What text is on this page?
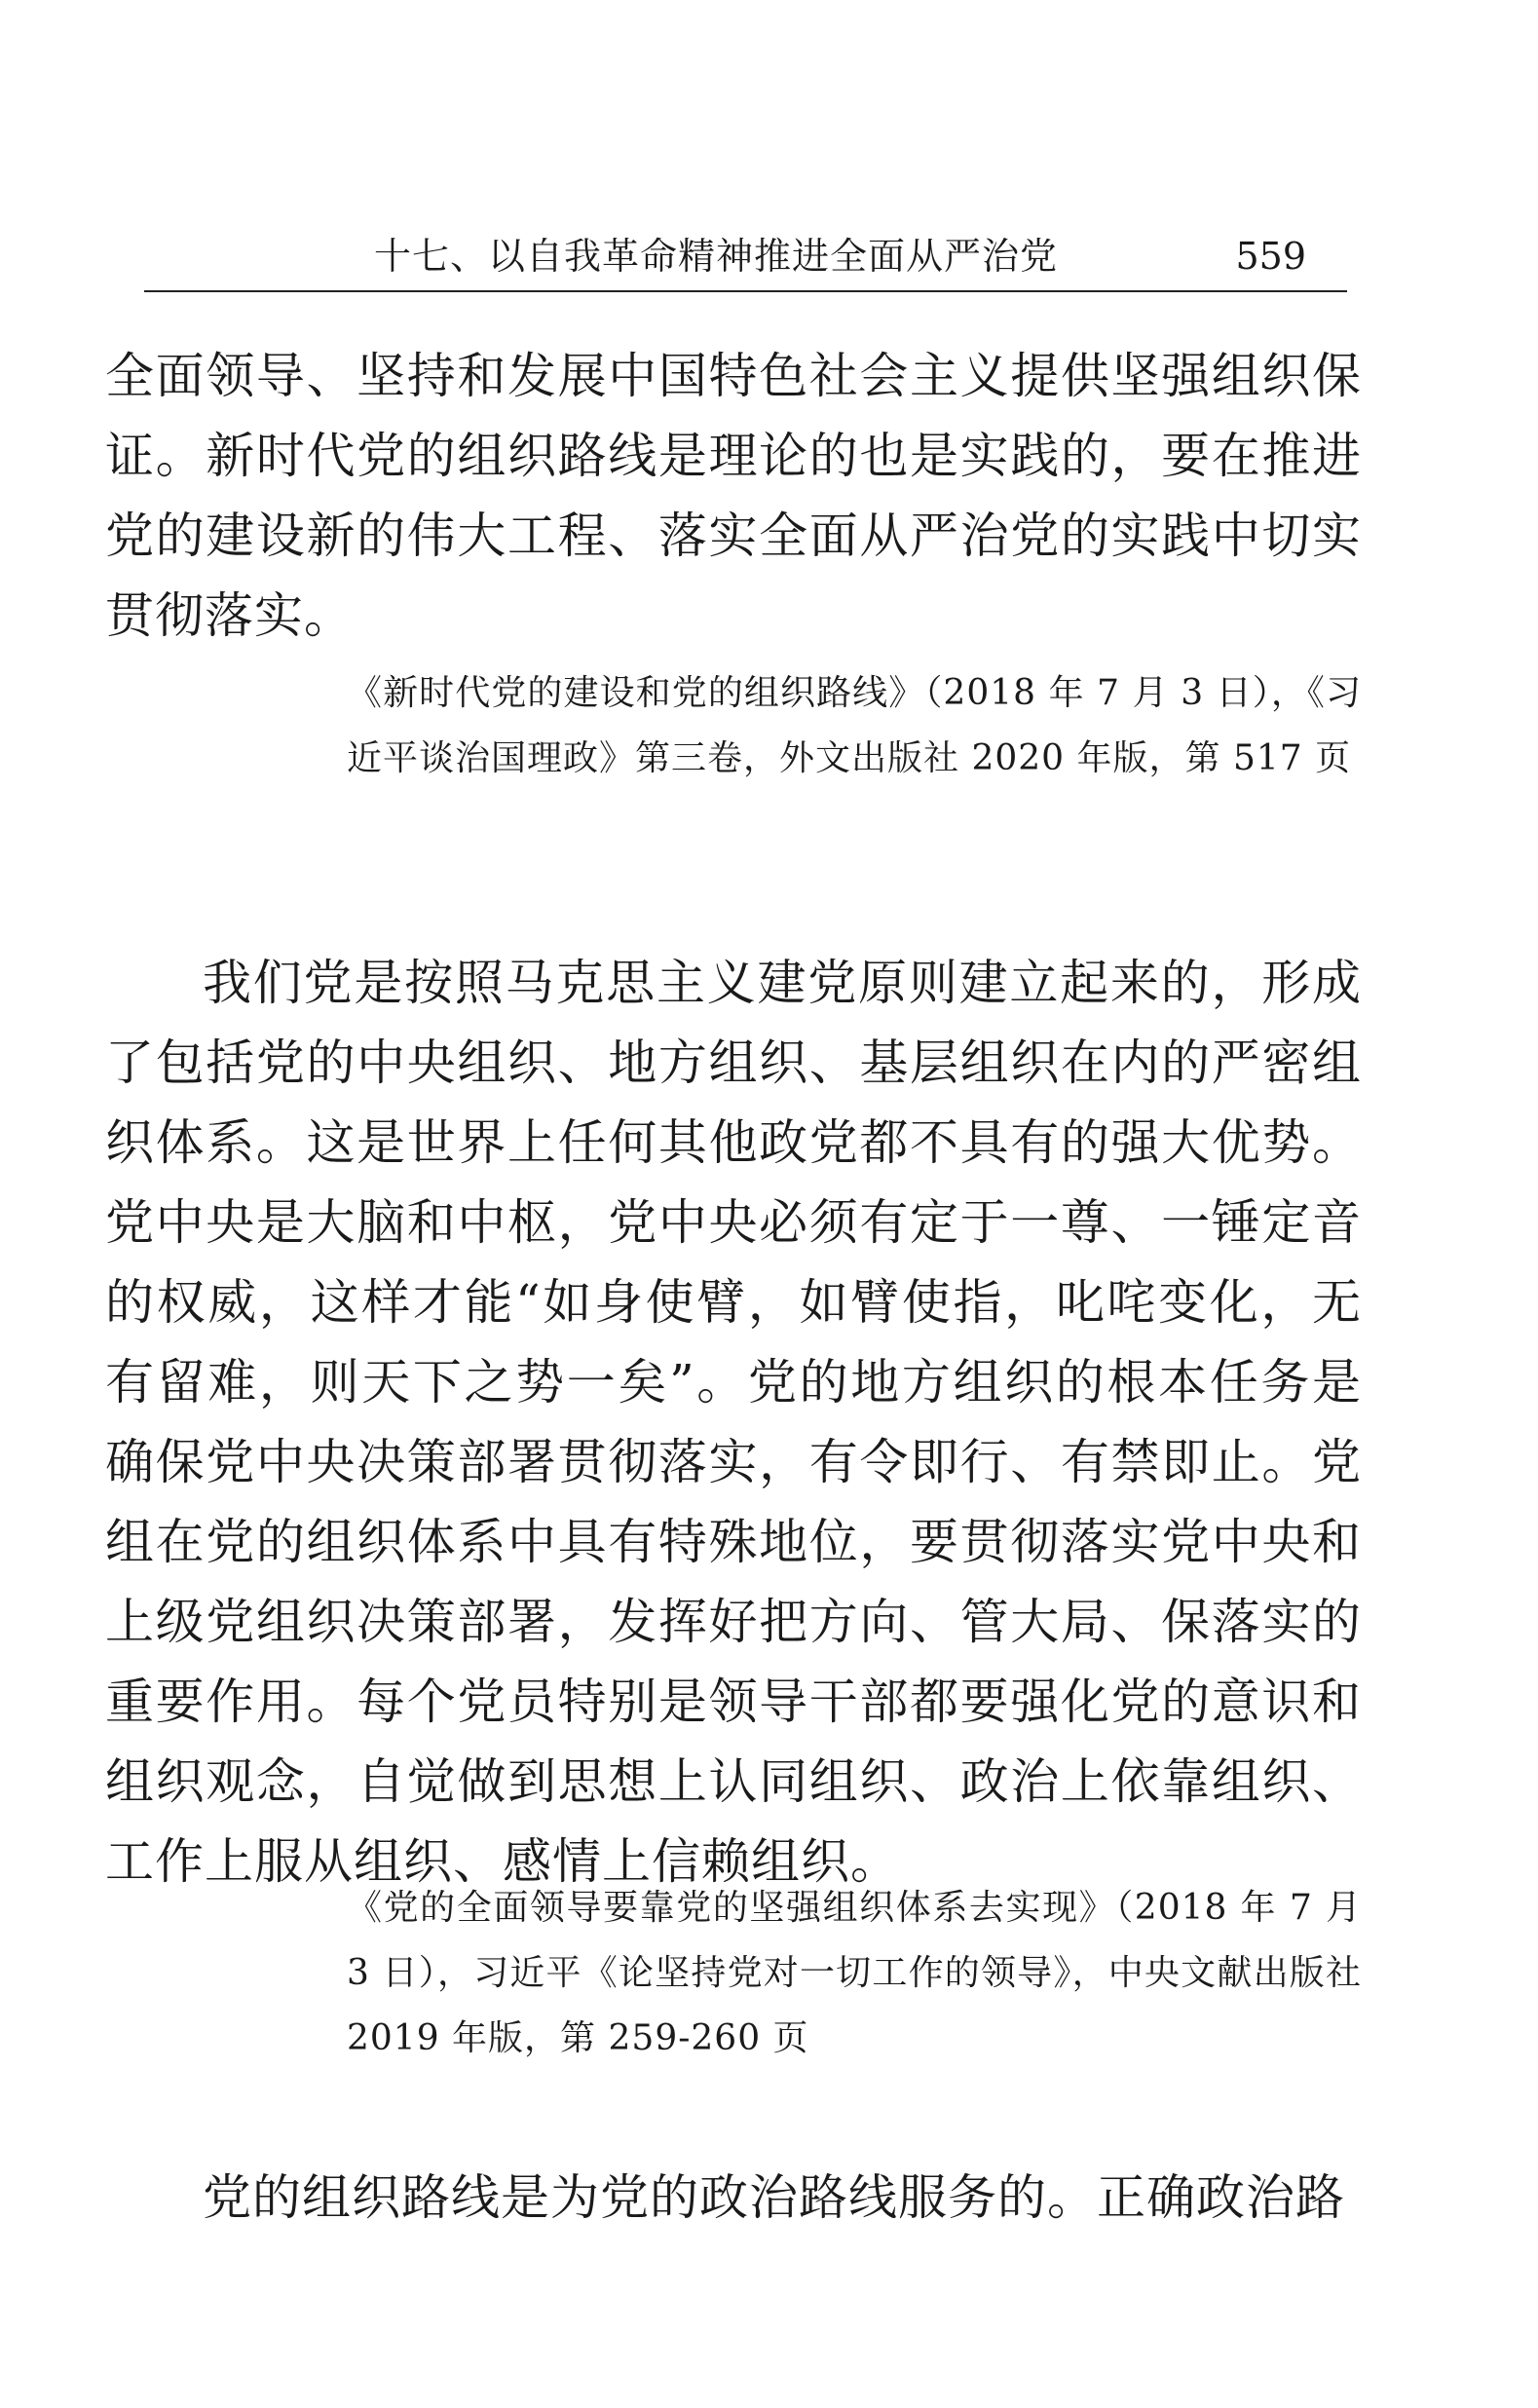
十七、以自我革命精神推进全面从严治党	559

全面领导、坚持和发展中国特色社会主义提供坚强组织保证。新时代党的组织路线是理论的也是实践的，要在推进党的建设新的伟大工程、落实全面从严治党的实践中切实贯彻落实。

《新时代党的建设和党的组织路线》（2018 年 7 月 3 日），《习近平谈治国理政》第三卷，外文出版社 2020 年版，第 517 页

我们党是按照马克思主义建党原则建立起来的，形成了包括党的中央组织、地方组织、基层组织在内的严密组织体系。这是世界上任何其他政党都不具有的强大优势。党中央是大脑和中枢，党中央必须有定于一尊、一锤定音的权威，这样才能“如身使臂，如臂使指，叱咤变化，无有留难，则天下之势一矣”。党的地方组织的根本任务是确保党中央决策部署贯彻落实，有令即行、有禁即止。党组在党的组织体系中具有特殊地位，要贯彻落实党中央和上级党组织决策部署，发挥好把方向、管大局、保落实的重要作用。每个党员特别是领导干部都要强化党的意识和组织观念，自觉做到思想上认同组织、政治上依靠组织、工作上服从组织、感情上信赖组织。

《党的全面领导要靠党的坚强组织体系去实现》（2018 年 7 月 3 日），习近平《论坚持党对一切工作的领导》，中央文献出版社 2019 年版，第 259-260 页

党的组织路线是为党的政治路线服务的。正确政治路
